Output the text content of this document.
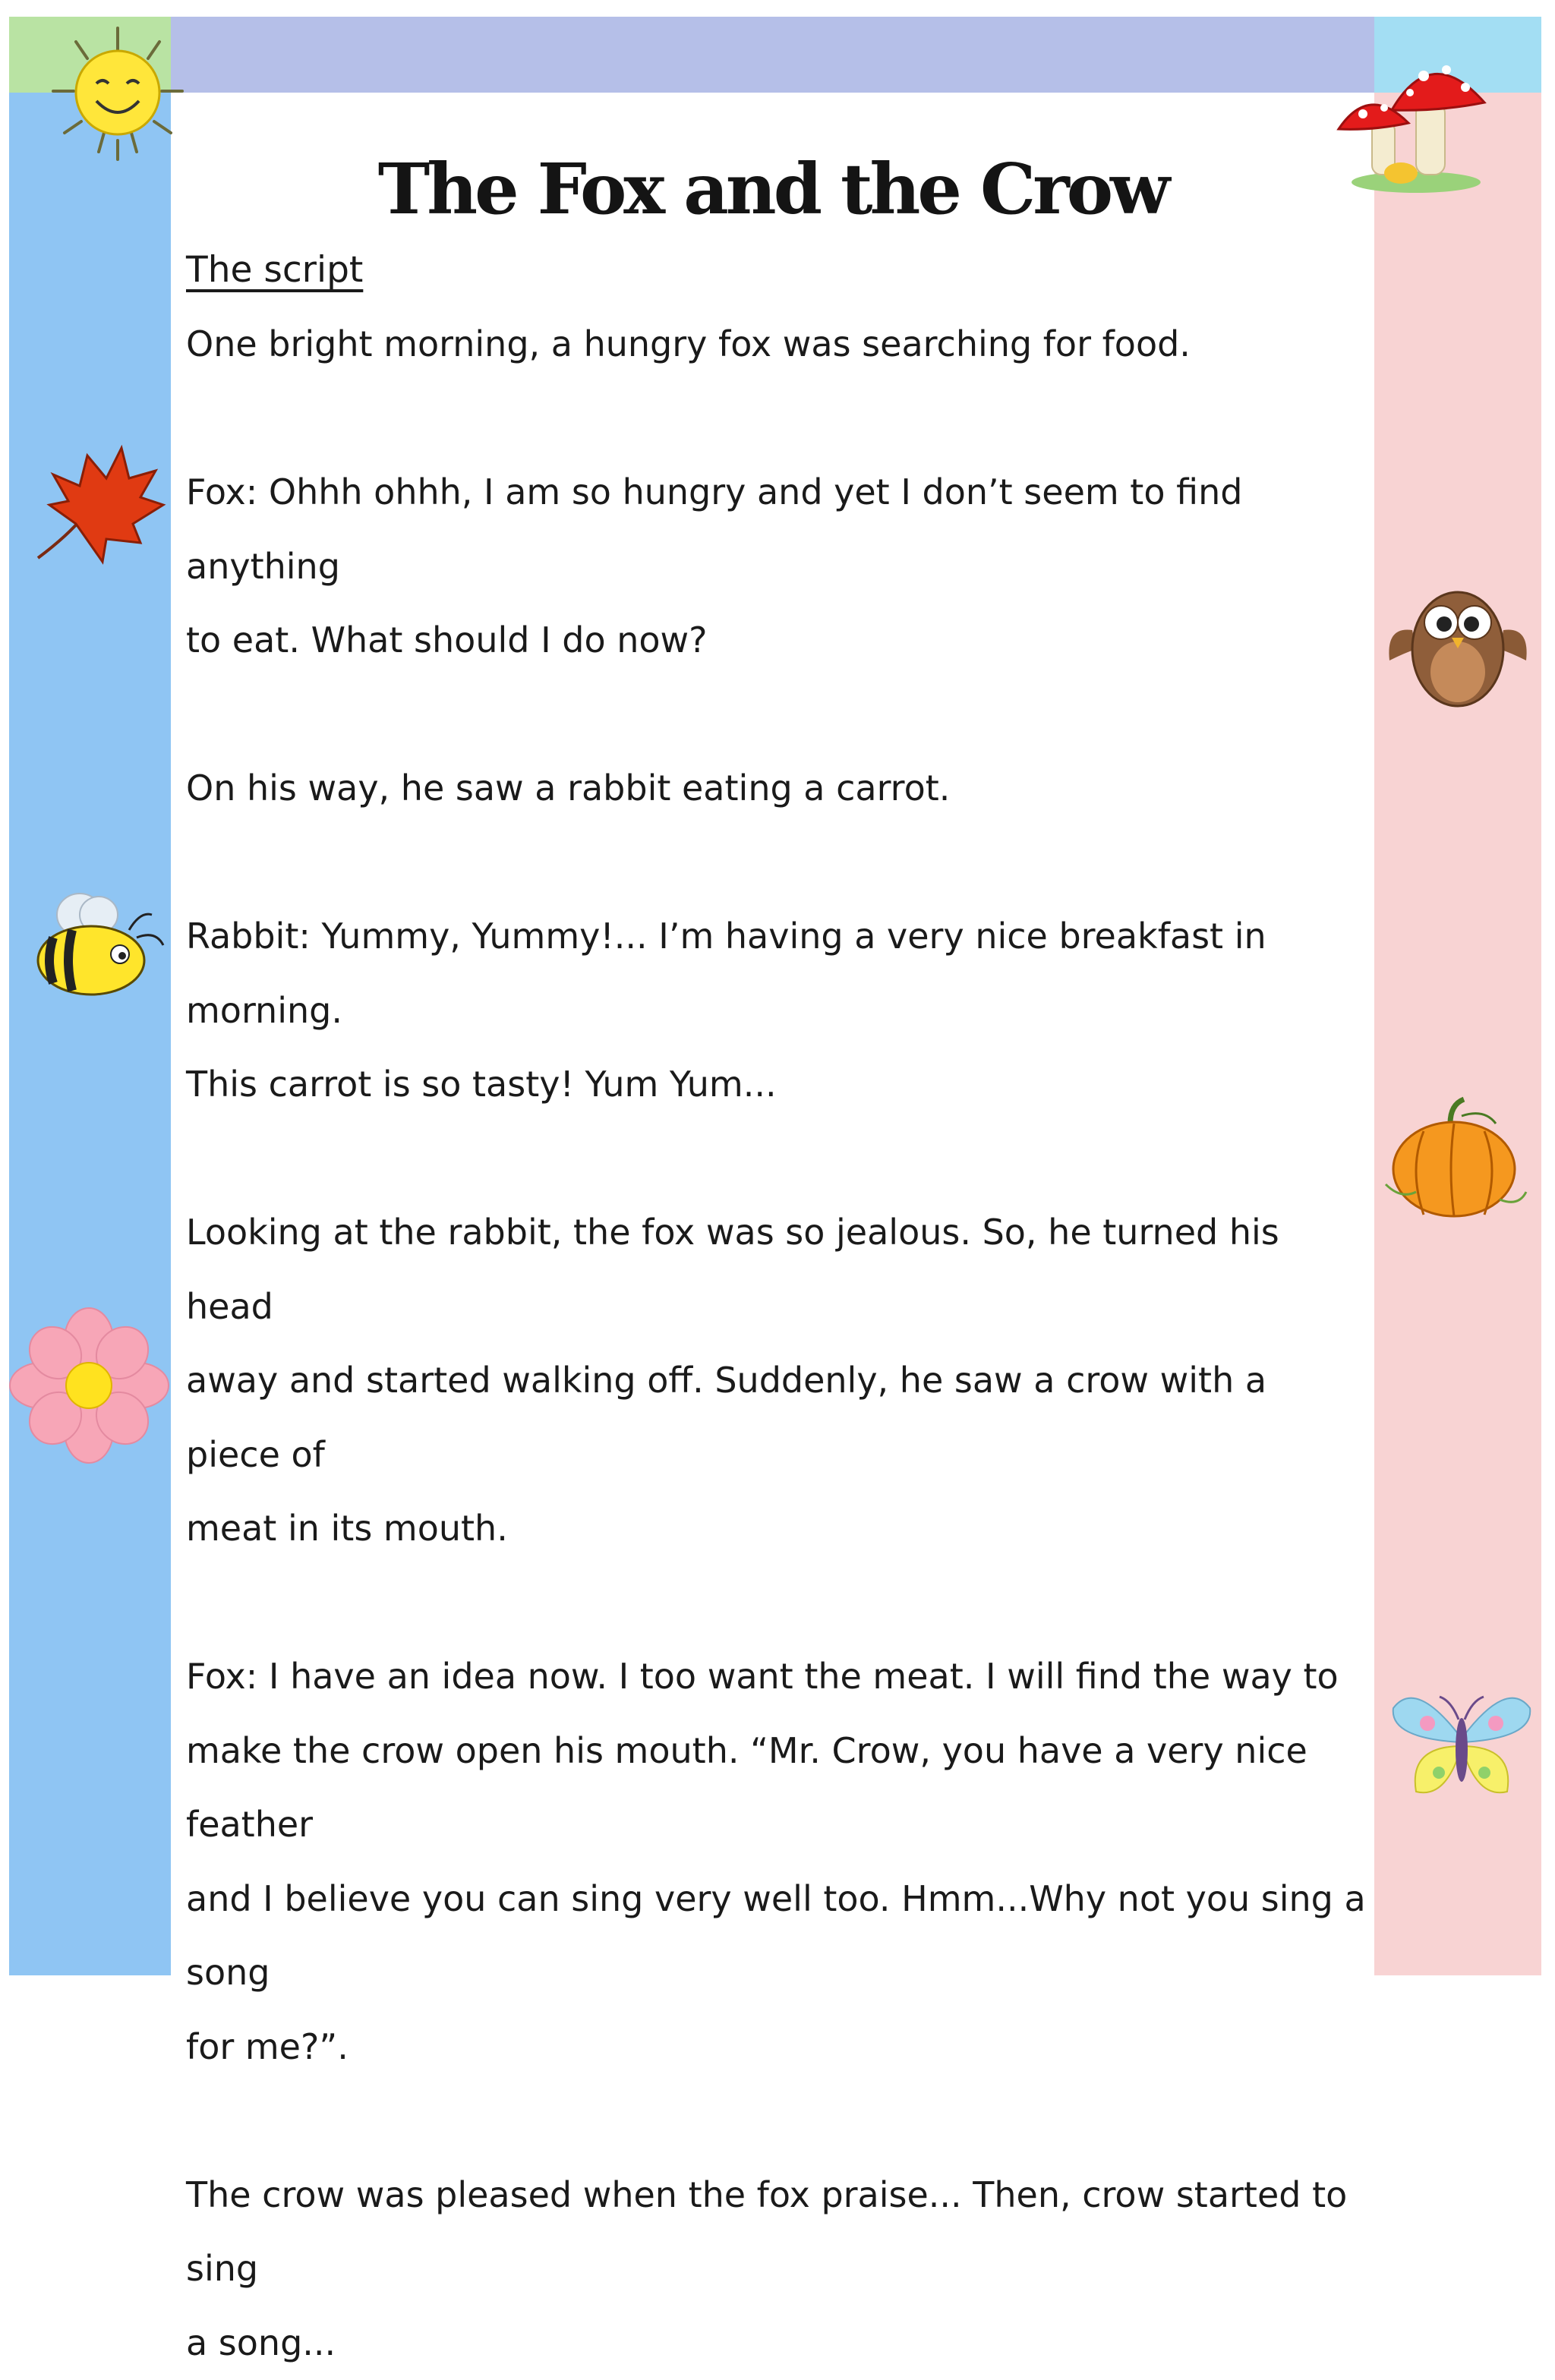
The Fox and the Crow
The script

One bright morning, a hungry fox was searching for food.

Fox: Ohhh ohhh, I am so hungry and yet I don’t seem to find anything

to eat. What should I do now?

On his way, he saw a rabbit eating a carrot.

Rabbit: Yummy, Yummy!... I’m having a very nice breakfast in morning.

This carrot is so tasty! Yum Yum...

Looking at the rabbit, the fox was so jealous. So, he turned his head

away and started walking off. Suddenly, he saw a crow with a piece of

meat in its mouth.

Fox: I have an idea now. I too want the meat. I will find the way to

make the crow open his mouth. “Mr. Crow, you have a very nice feather

and I believe you can sing very well too. Hmm...Why not you sing a song

for me?”.

The crow was pleased when the fox praise... Then, crow started to sing

a song...
